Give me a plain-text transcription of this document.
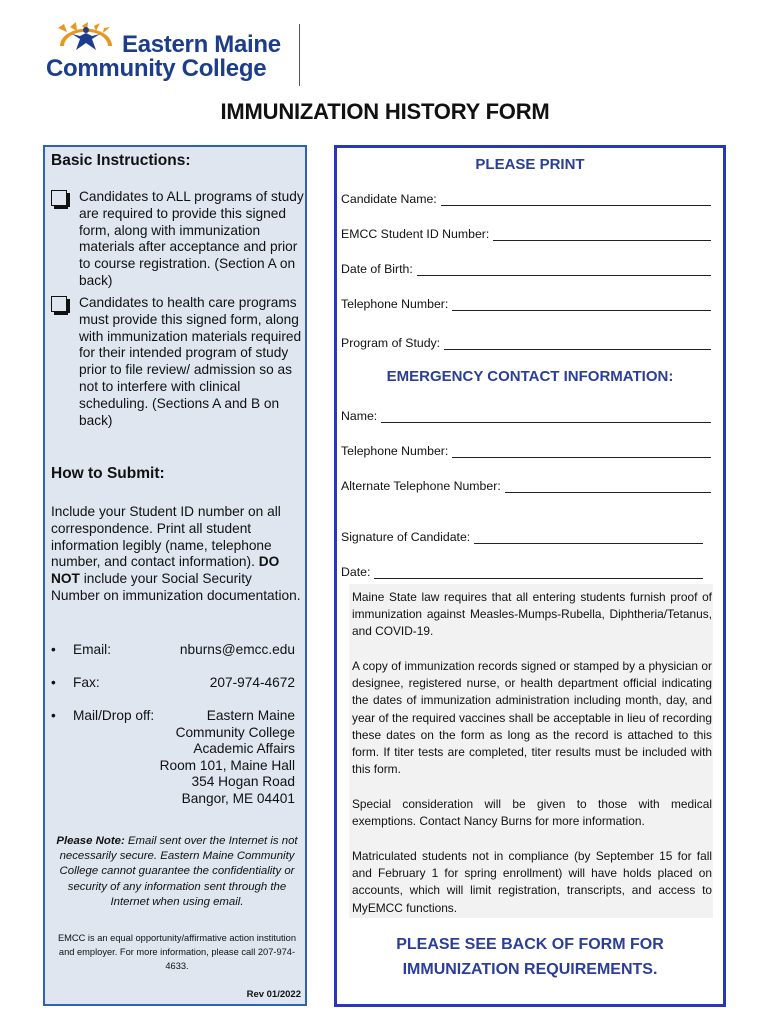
Eastern Maine
Community College
IMMUNIZATION HISTORY FORM
Basic Instructions:
Candidates to ALL programs of study are required to provide this signed form, along with immunization materials after acceptance and prior to course registration. (Section A on back)
Candidates to health care programs must provide this signed form, along with immunization materials required for their intended program of study prior to file review/ admission so as not to interfere with clinical scheduling. (Sections A and B on back)
How to Submit:
Include your Student ID number on all correspondence. Print all student information legibly (name, telephone number, and contact information). DO NOT include your Social Security Number on immunization documentation.
• Email:	nburns@emcc.edu
• Fax:	207-974-4672
• Mail/Drop off:	Eastern Maine
Community College
Academic Affairs
Room 101, Maine Hall
354 Hogan Road
Bangor, ME 04401
Please Note: Email sent over the Internet is not necessarily secure. Eastern Maine Community College cannot guarantee the confidentiality or security of any information sent through the Internet when using email.
EMCC is an equal opportunity/affirmative action institution and employer. For more information, please call 207-974-4633.
Rev 01/2022
PLEASE PRINT
Candidate Name:
EMCC Student ID Number:
Date of Birth:
Telephone Number:
Program of Study:
EMERGENCY CONTACT INFORMATION:
Name:
Telephone Number:
Alternate Telephone Number:
Signature of Candidate:
Date:
Maine State law requires that all entering students furnish proof of immunization against Measles-Mumps-Rubella, Diphtheria/Tetanus, and COVID-19.
A copy of immunization records signed or stamped by a physician or designee, registered nurse, or health department official indicating the dates of immunization administration including month, day, and year of the required vaccines shall be acceptable in lieu of recording these dates on the form as long as the record is attached to this form. If titer tests are completed, titer results must be included with this form.
Special consideration will be given to those with medical exemptions. Contact Nancy Burns for more information.
Matriculated students not in compliance (by September 15 for fall and February 1 for spring enrollment) will have holds placed on accounts, which will limit registration, transcripts, and access to MyEMCC functions.
PLEASE SEE BACK OF FORM FOR
IMMUNIZATION REQUIREMENTS.
